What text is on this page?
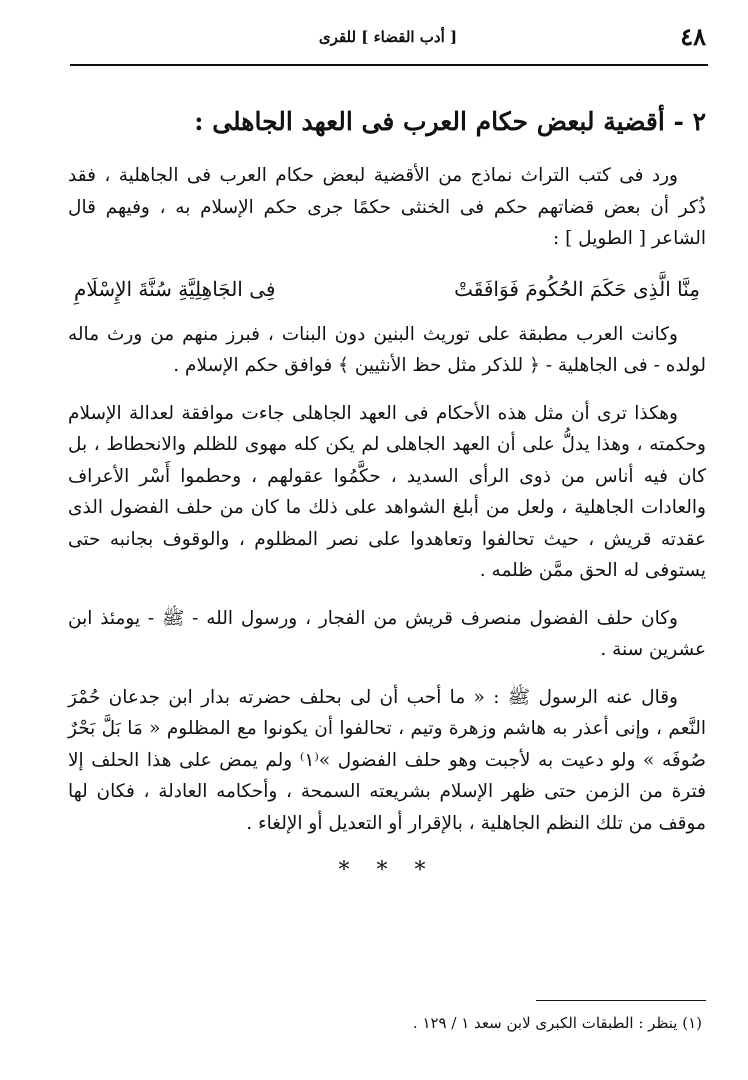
٤٨
[ أدب القضاء ] للقرى
٢ - أقضية لبعض حكام العرب فى العهد الجاهلى :

ورد فى كتب التراث نماذج من الأقضية لبعض حكام العرب فى الجاهلية ، فقد ذُكر أن بعض قضاتهم حكم فى الخنثى حكمًا جرى حكم الإسلام به ، وفيهم قال الشاعر [ الطويل ] :

مِنَّا الَّذِى حَكَمَ الحُكُومَ فَوَافَقَتْ
فِى الجَاهِلِيَّةِ سُنَّةَ الإِسْلَامِ

وكانت العرب مطبقة على توريث البنين دون البنات ، فبرز منهم من ورث ماله لولده - فى الجاهلية - ﴿ للذكر مثل حظ الأنثيين ﴾ فوافق حكم الإسلام .

وهكذا ترى أن مثل هذه الأحكام فى العهد الجاهلى جاءت موافقة لعدالة الإسلام وحكمته ، وهذا يدلُّ على أن العهد الجاهلى لم يكن كله مهوى للظلم والانحطاط ، بل كان فيه أناس من ذوى الرأى السديد ، حكَّمُوا عقولهم ، وحطموا أَسْر الأعراف والعادات الجاهلية ، ولعل من أبلغ الشواهد على ذلك ما كان من حلف الفضول الذى عقدته قريش ، حيث تحالفوا وتعاهدوا على نصر المظلوم ، والوقوف بجانبه حتى يستوفى له الحق ممَّن ظلمه .

وكان حلف الفضول منصرف قريش من الفجار ، ورسول الله - ﷺ - يومئذ ابن عشرين سنة .

وقال عنه الرسول ﷺ : « ما أحب أن لى بحلف حضرته بدار ابن جدعان حُمْرَ النَّعم ، وإنى أعذر به هاشم وزهرة وتيم ، تحالفوا أن يكونوا مع المظلوم « مَا بَلَّ بَحْرٌ صُوفَه » ولو دعيت به لأجبت وهو حلف الفضول »⁽١⁾ ولم يمض على هذا الحلف إلا فترة من الزمن حتى ظهر الإسلام بشريعته السمحة ، وأحكامه العادلة ، فكان لها موقف من تلك النظم الجاهلية ، بالإقرار أو التعديل أو الإلغاء .

* * *
(١) ينظر : الطبقات الكبرى لابن سعد ١ / ١٢٩ .
